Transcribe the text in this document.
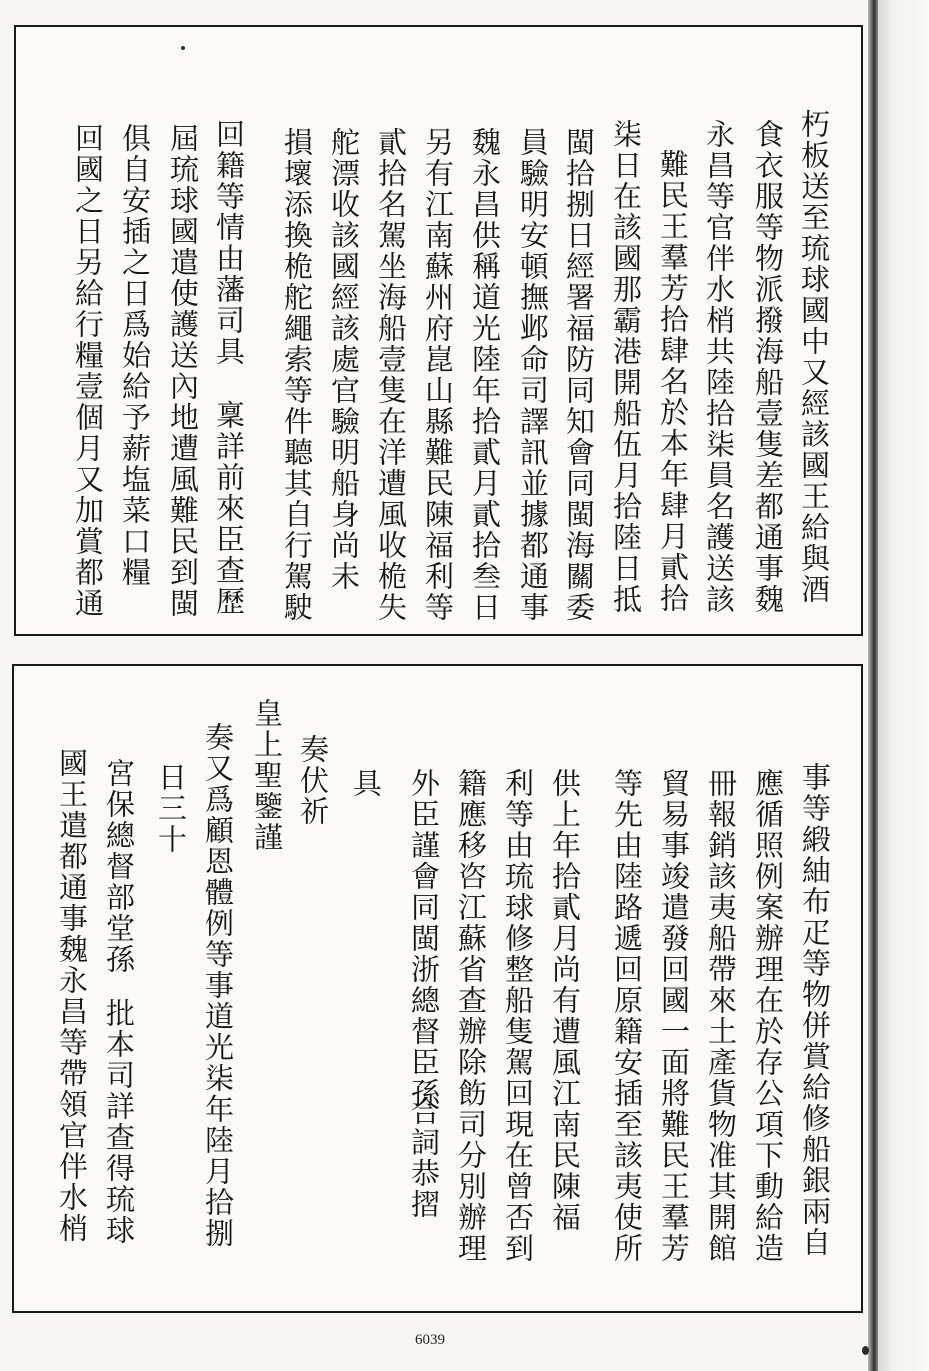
朽板送至琉球國中又經該國王給與酒
食衣服等物派撥海船壹隻差都通事魏
永昌等官伴水梢共陸拾柒員名護送該
難民王羣芳拾肆名於本年肆月貳拾
柒日在該國那霸港開船伍月拾陸日抵
閩拾捌日經署福防同知會同閩海關委
員驗明安頓撫邺命司譯訊並據都通事
魏永昌供稱道光陸年拾貳月貳拾叁日
另有江南蘇州府崑山縣難民陳福利等
貳拾名駕坐海船壹隻在洋遭風收桅失
舵漂收該國經該處官驗明船身尚未
損壞添換桅舵繩索等件聽其自行駕駛
回籍等情由藩司具
稟詳前來臣查歷
屆琉球國遣使護送內地遭風難民到閩
俱自安插之日爲始給予薪塩菜口糧
回國之日另給行糧壹個月又加賞都通
事等緞紬布疋等物併賞給修船銀兩自
應循照例案辦理在於存公項下動給造
冊報銷該夷船帶來土產貨物准其開館
貿易事竣遣發回國一面將難民王羣芳
等先由陸路遞回原籍安插至該夷使所
供上年拾貳月尚有遭風江南民陳福
利等由琉球修整船隻駕回現在曾否到
籍應移咨江蘇省查辦除飭司分別辦理
外臣謹會同閩浙總督臣孫
合詞恭摺
具
奏伏祈
皇上聖鑒謹
奏又爲顧恩體例等事道光柒年陸月拾捌
日三十
宮保總督部堂孫
批本司詳查得琉球
國王遣都通事魏永昌等帶領官伴水梢
6039
